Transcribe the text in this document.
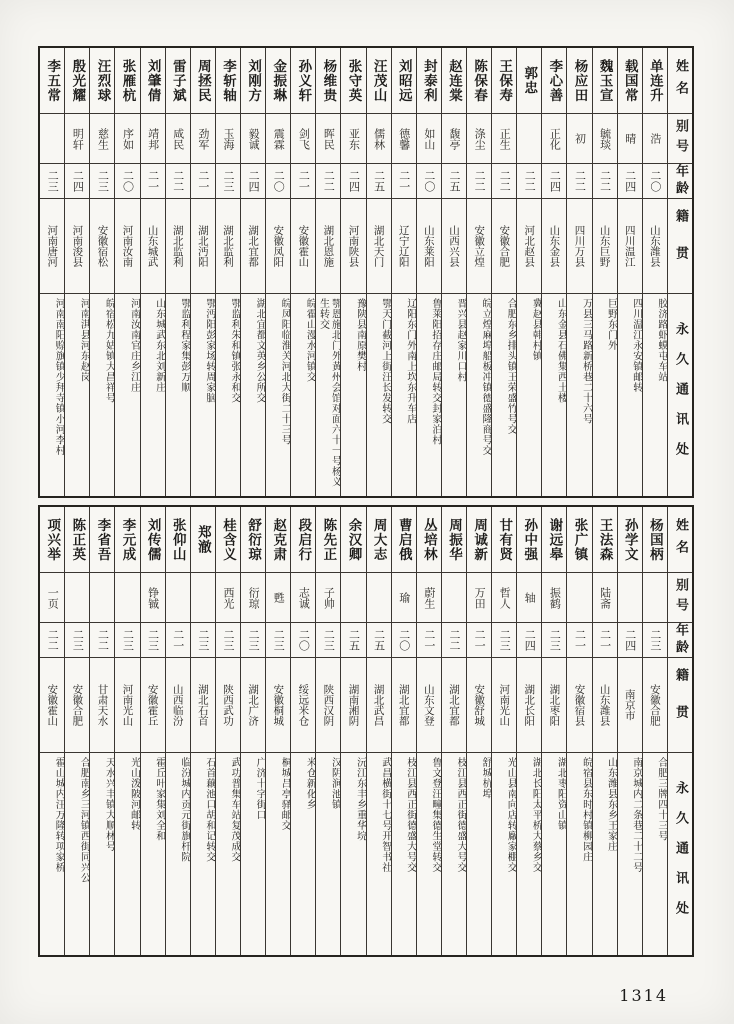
姓名
别号
年龄
籍贯
永久通讯处
单连升
浩
二〇
山东潍县
胶济路虾蟆屯车站
载国常
晴
二四
四川温江
四川温江永安镇邮转
魏玉宣
毓琰
二二
山东巨野
巨野东门外
杨应田
初
二二
四川万县
万县三马路新桥巷二十六号
李心善
正化
二四
山东金县
山东金县石佛集西土楼
郭忠
二二
河北赵县
冀赵县韩村镇
王保寿
正生
二二
安徽合肥
合肥东乡排头镇王荣盛竹号交
陈保春
涤尘
二二
安徽立煌
皖立煌麻埠船板冲镇德盛隆商号交
赵连棠
馥亭
二五
山西兴县
晋兴县赵家川口村
封泰利
如山
二〇
山东莱阳
鲁莱阳招存庄邮局转交封家泊村
刘昭远
德馨
二一
辽宁辽阳
辽阳东门外南上坎东升车店
汪茂山
儒林
二五
湖北天门
鄂天门截河上街汪长发转交
张守英
亚东
二四
河南陕县
豫陕县南原樊村
杨维贵
晖民
二二
湖北恩施
鄂恩施北门外黄州会馆对面六十一号杨义生转交
孙义轩
剑飞
二一
安徽霍山
皖霍山漫水河镇交
金振琳
震霖
二〇
安徽凤阳
皖凤阳临淮关河北大街二十三号
刘刚方
毅诚
二四
湖北宜都
湖北宜都文英乡公所交
李斩轴
玉海
二三
湖北监利
鄂监利朱和镇张永和交
周拯民
劲军
二一
湖北沔阳
鄂沔阳彭家场转周家脑
雷子斌
咸民
二二
湖北监利
鄂监利程家集彭万顺
刘肇倩
靖邦
二一
山东城武
山东城武东北刘新庄
张雁杭
序如
二〇
河南汝南
河南汝南官庄乡江庄
汪烈球
慈生
二三
安徽宿松
皖宿松九姑镇大昌祥号
殷光耀
明轩
二四
河南浚县
河南淇县河东赵岗
李五常
二三
河南唐河
河南南阳赊旗镇少拜寺镇小河李村
姓名
别号
年龄
籍贯
永久通讯处
杨国柄
二三
安徽合肥
合肥三牌四十三号
孙学文
二四
南京市
南京城内二条巷二十二号
王法森
陆斋
二一
山东潍县
山东潍县东乡王家庄
张广镇
二一
安徽宿县
皖宿县东时村镇柳园庄
谢远皋
振鹤
二三
湖北枣阳
湖北枣阳资山镇
孙中强
轴
二四
湖北长阳
湖北长阳太平桥大蔡乡交
甘有贤
哲人
二三
河南光山
光山县南向店转廠家棚交
周诚新
万田
二一
安徽舒城
舒城杭埠
周振华
二二
湖北宜都
枝江县西正街德盛大号交
丛培林
蔚生
二一
山东文登
鲁文登汪疃集德生堂转交
曹启俄
瑜
二〇
湖北宜都
枝江县西正街德盛大号交
周大志
二五
湖北武昌
武昌横街十七号开智书社
余汉卿
二五
湖南湘阴
沅江东丰乡重华垸
陈先正
子帅
二三
陕西汉阴
汉阴涧池镇
段启行
志诚
二〇
绥远米仓
米仓新化乡
赵克肃
甦
二三
安徽桐城
桐城吕亭驿邮交
舒衍琼
衍琼
二三
湖北广济
广济十字街口
桂含义
西光
二三
陕西武功
武功普集车站复茂成交
郑澈
二三
湖北石首
石首藕池口胡和记转交
张仰山
二一
山西临汾
临汾城内贡元街旗杆院
刘传儒
铮铖
二三
安徽霍丘
霍丘叶家集刘全和
李元成
二三
河南光山
光山泼陂河邮转
李省吾
二二
甘肃天水
天水兴丰镇大顺林号
陈正英
二三
安徽合肥
合肥南乡三河镇西街同兴公
项兴举
一页
二二
安徽霍山
霍山城内汪万隆转项家桥
1314
